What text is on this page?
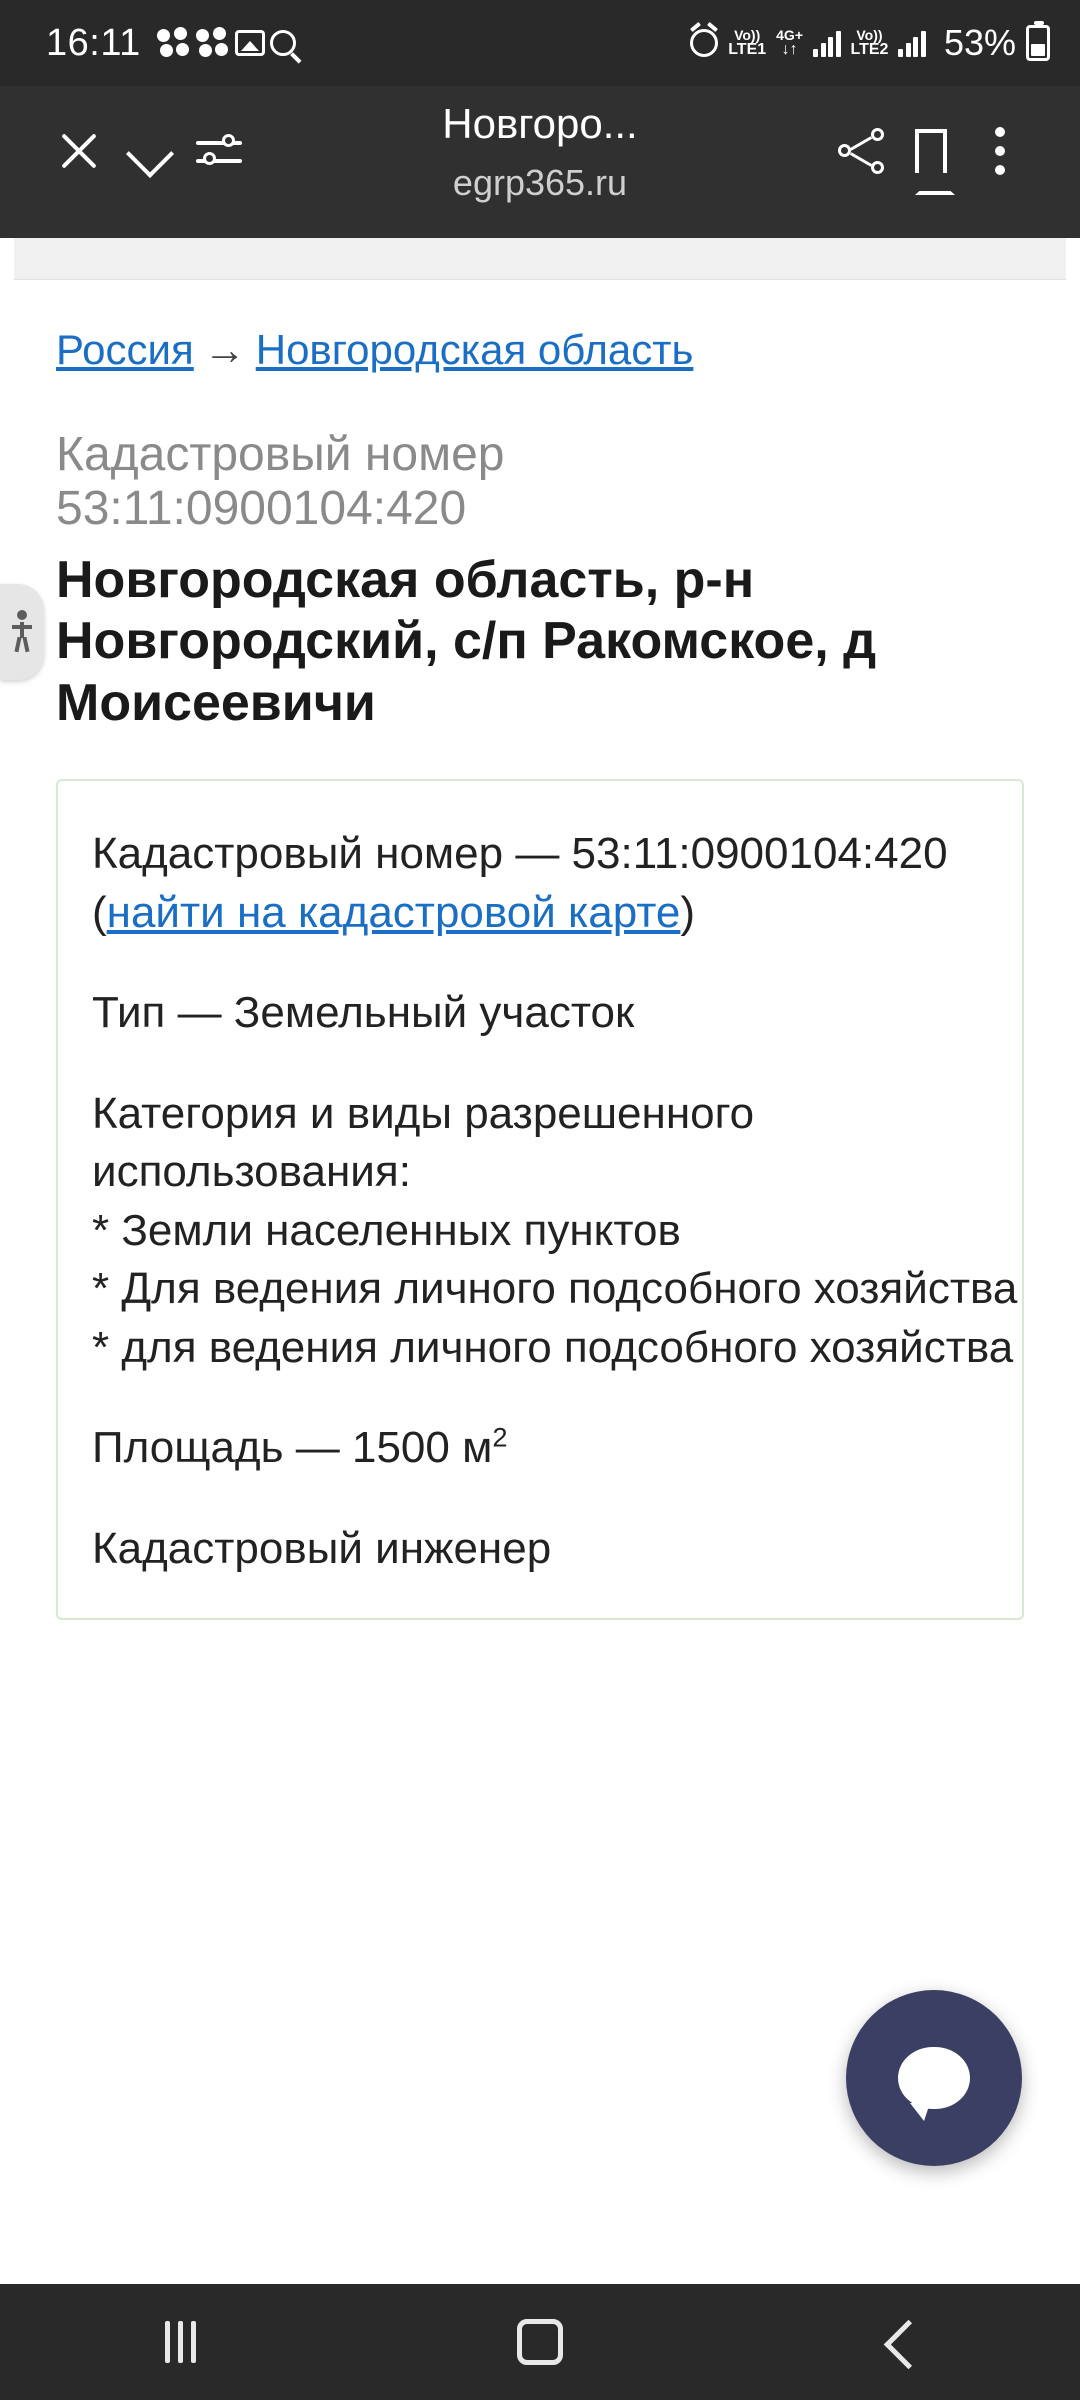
16:11	Vo))
LTE1
4G+
↓↑
Vo))
LTE2 53%
Новгоро...
egrp365.ru
Россия → Новгородская область
Кадастровый номер
53:11:0900104:420
Новгородская область, р-н Новгородский, с/п Ракомское, д Моисеевичи

Кадастровый номер — 53:11:0900104:420 (найти на кадастровой карте)

Тип — Земельный участок

Категория и виды разрешенного использования:

* Земли населенных пунктов
* Для ведения личного подсобного хозяйства
* для ведения личного подсобного хозяйства

Площадь — 1500 $м^2$

Кадастровый инженер
